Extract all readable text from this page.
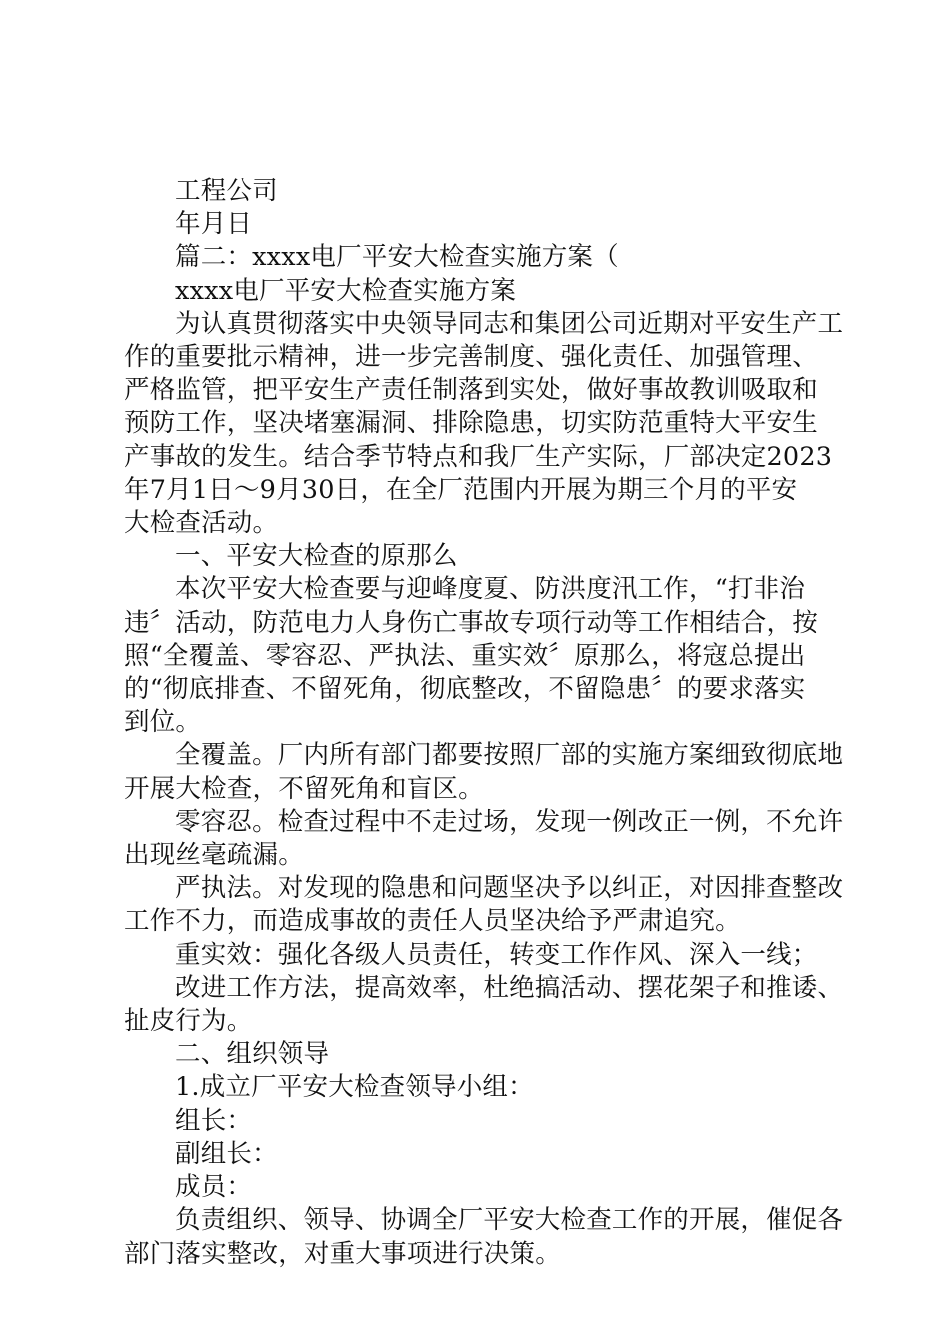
工程公司
年月日
篇二：xxxx电厂平安大检查实施方案（
xxxx电厂平安大检查实施方案
为认真贯彻落实中央领导同志和集团公司近期对平安生产工
作的重要批示精神，进一步完善制度、强化责任、加强管理、
严格监管，把平安生产责任制落到实处，做好事故教训吸取和
预防工作，坚决堵塞漏洞、排除隐患，切实防范重特大平安生
产事故的发生。结合季节特点和我厂生产实际，厂部决定2023
年7月1日～9月30日，在全厂范围内开展为期三个月的平安
大检查活动。
一、平安大检查的原那么
本次平安大检查要与迎峰度夏、防洪度汛工作，“打非治
违〞活动，防范电力人身伤亡事故专项行动等工作相结合，按
照“全覆盖、零容忍、严执法、重实效〞原那么，将寇总提出
的“彻底排查、不留死角，彻底整改，不留隐患〞的要求落实
到位。
全覆盖。厂内所有部门都要按照厂部的实施方案细致彻底地
开展大检查，不留死角和盲区。
零容忍。检查过程中不走过场，发现一例改正一例，不允许
出现丝毫疏漏。
严执法。对发现的隐患和问题坚决予以纠正，对因排查整改
工作不力，而造成事故的责任人员坚决给予严肃追究。
重实效：强化各级人员责任，转变工作作风、深入一线；
改进工作方法，提高效率，杜绝搞活动、摆花架子和推诿、
扯皮行为。
二、组织领导
1.成立厂平安大检查领导小组：
组长：
副组长：
成员：
负责组织、领导、协调全厂平安大检查工作的开展，催促各
部门落实整改，对重大事项进行决策。
